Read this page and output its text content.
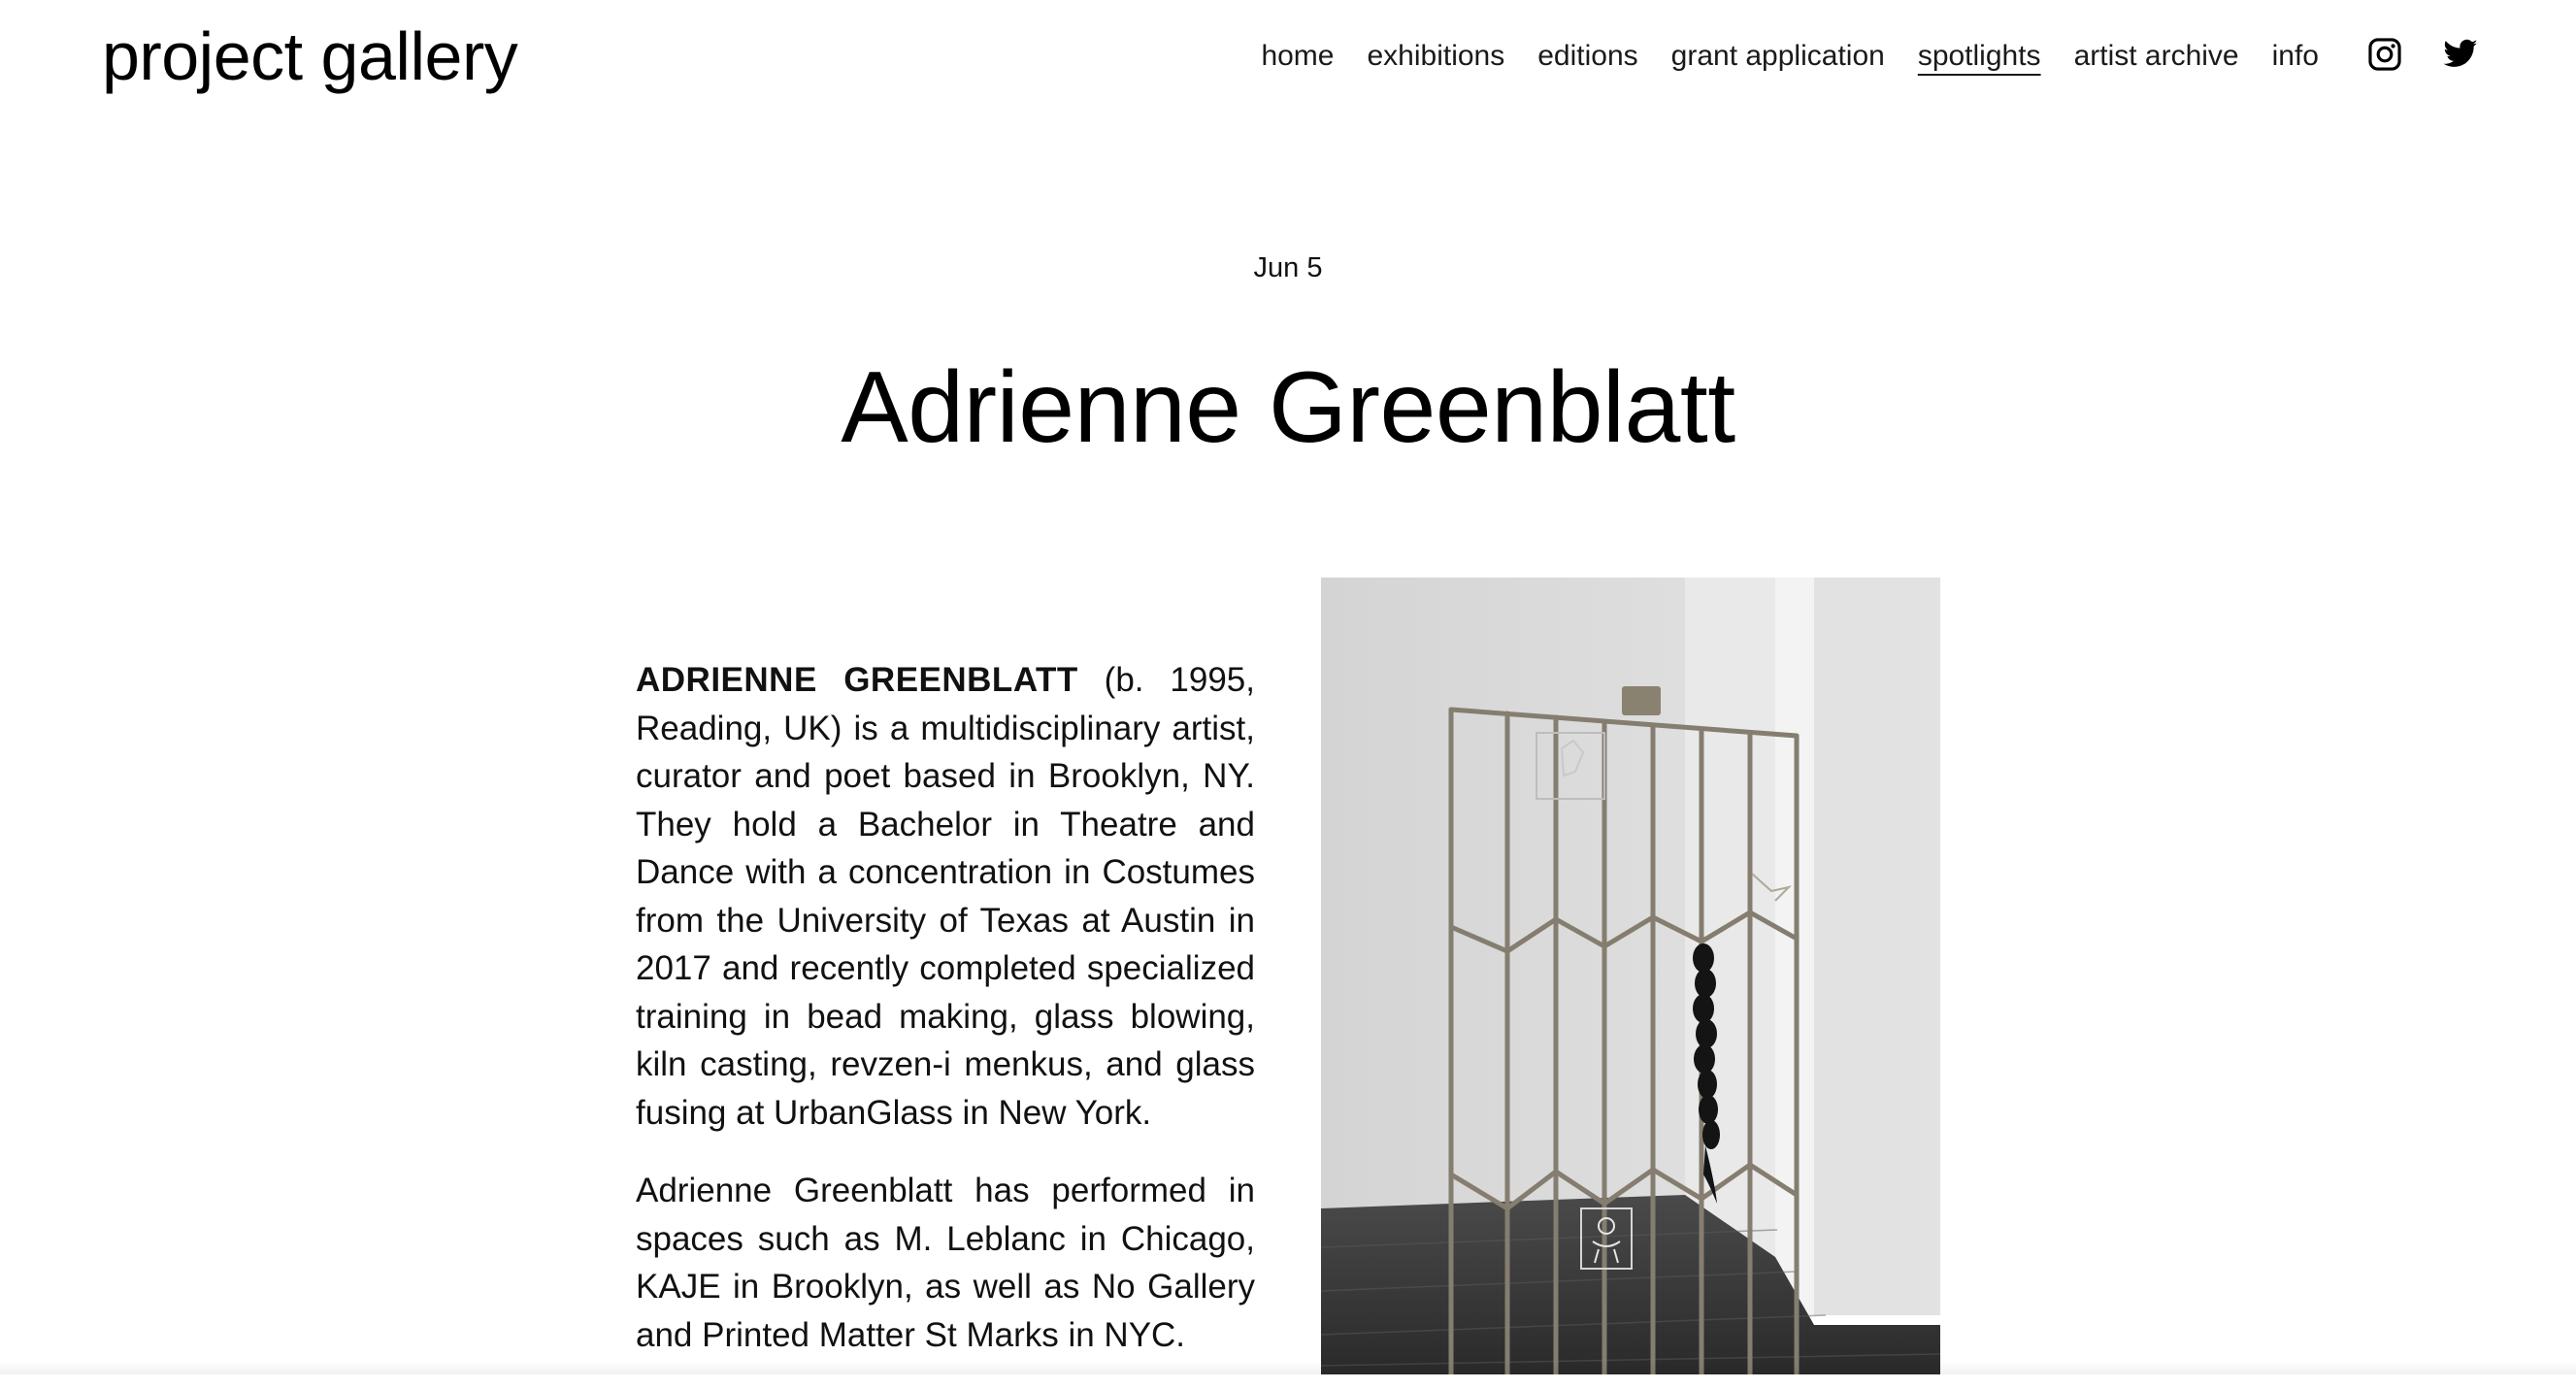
project gallery	home exhibitions editions grant application spotlights artist archive info
Jun 5
Adrienne Greenblatt

ADRIENNE GREENBLATT (b. 1995, Reading, UK) is a multidisciplinary artist, curator and poet based in Brooklyn, NY. They hold a Bachelor in Theatre and Dance with a concentration in Costumes from the University of Texas at Austin in 2017 and recently completed specialized training in bead making, glass blowing, kiln casting, revzen-i menkus, and glass fusing at UrbanGlass in New York.

Adrienne Greenblatt has performed in spaces such as M. Leblanc in Chicago, KAJE in Brooklyn, as well as No Gallery and Printed Matter St Marks in NYC.
